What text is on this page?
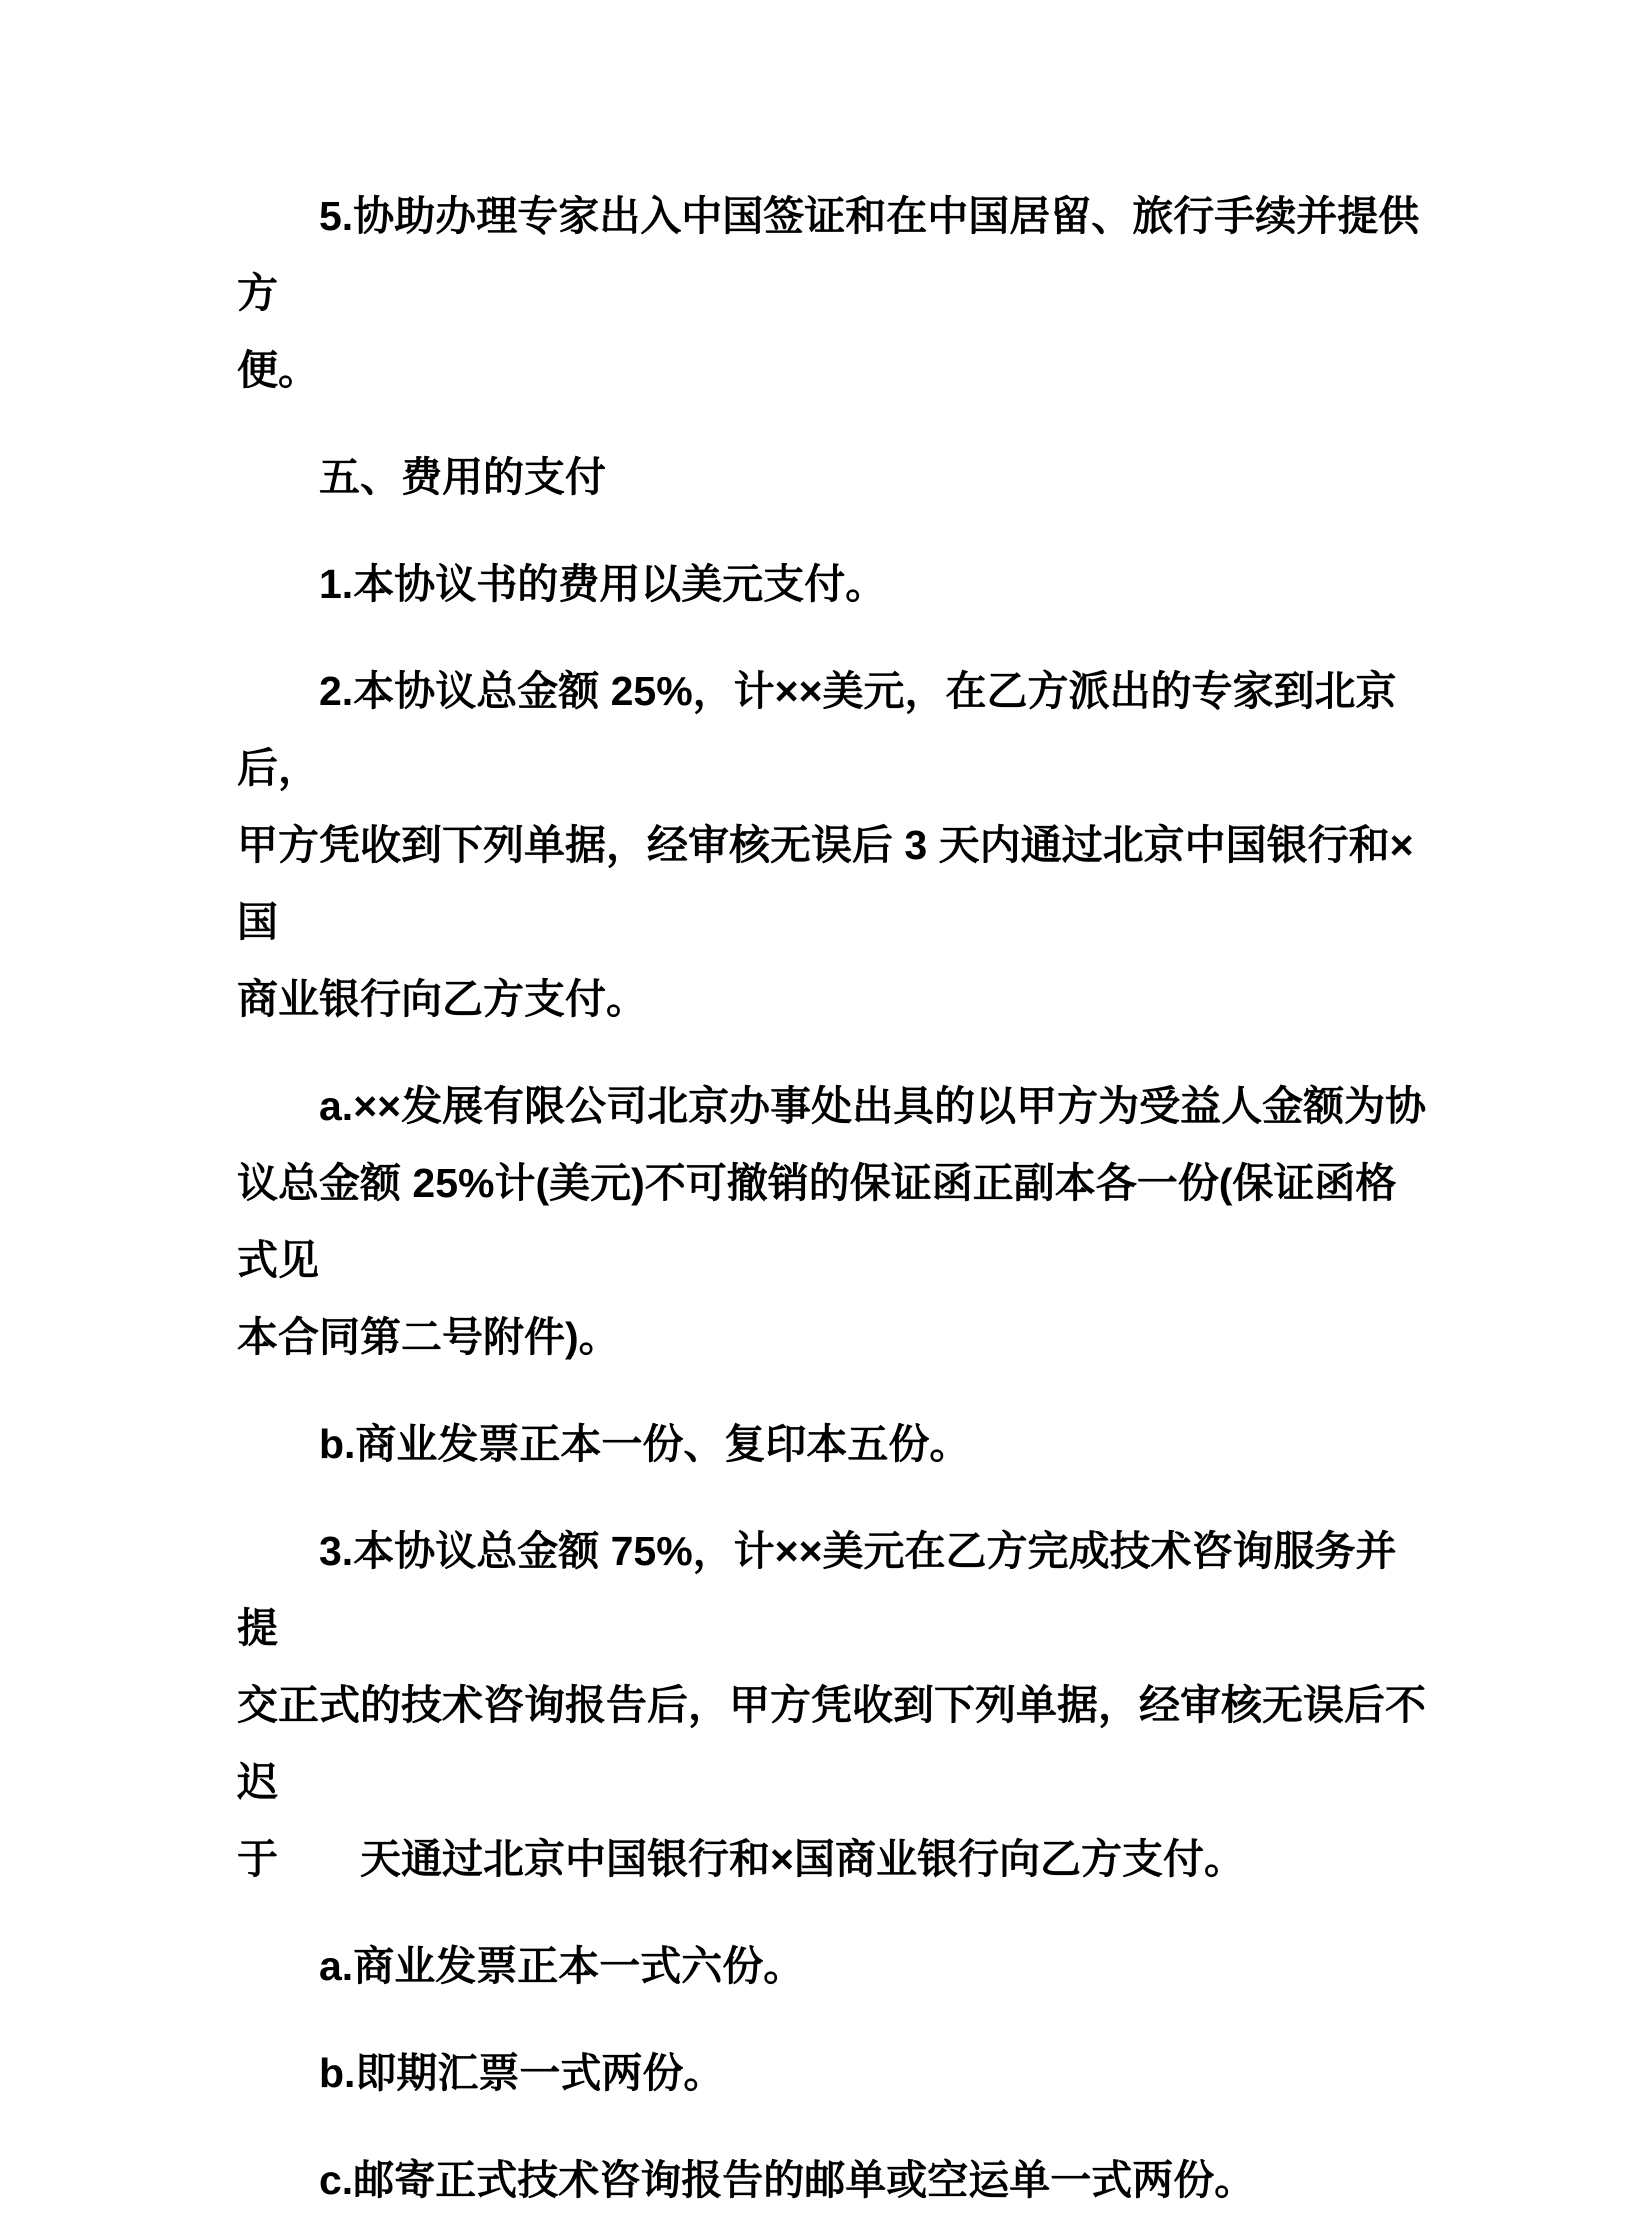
5.协助办理专家出入中国签证和在中国居留、旅行手续并提供方
便。

五、费用的支付

1.本协议书的费用以美元支付。

2.本协议总金额 25%，计××美元，在乙方派出的专家到北京后，
甲方凭收到下列单据，经审核无误后 3 天内通过北京中国银行和×国
商业银行向乙方支付。

a.××发展有限公司北京办事处出具的以甲方为受益人金额为协
议总金额 25%计(美元)不可撤销的保证函正副本各一份(保证函格式见
本合同第二号附件)。

b.商业发票正本一份、复印本五份。

3.本协议总金额 75%，计××美元在乙方完成技术咨询服务并提
交正式的技术咨询报告后，甲方凭收到下列单据，经审核无误后不迟
于　　天通过北京中国银行和×国商业银行向乙方支付。

a.商业发票正本一式六份。

b.即期汇票一式两份。

c.邮寄正式技术咨询报告的邮单或空运单一式两份。
